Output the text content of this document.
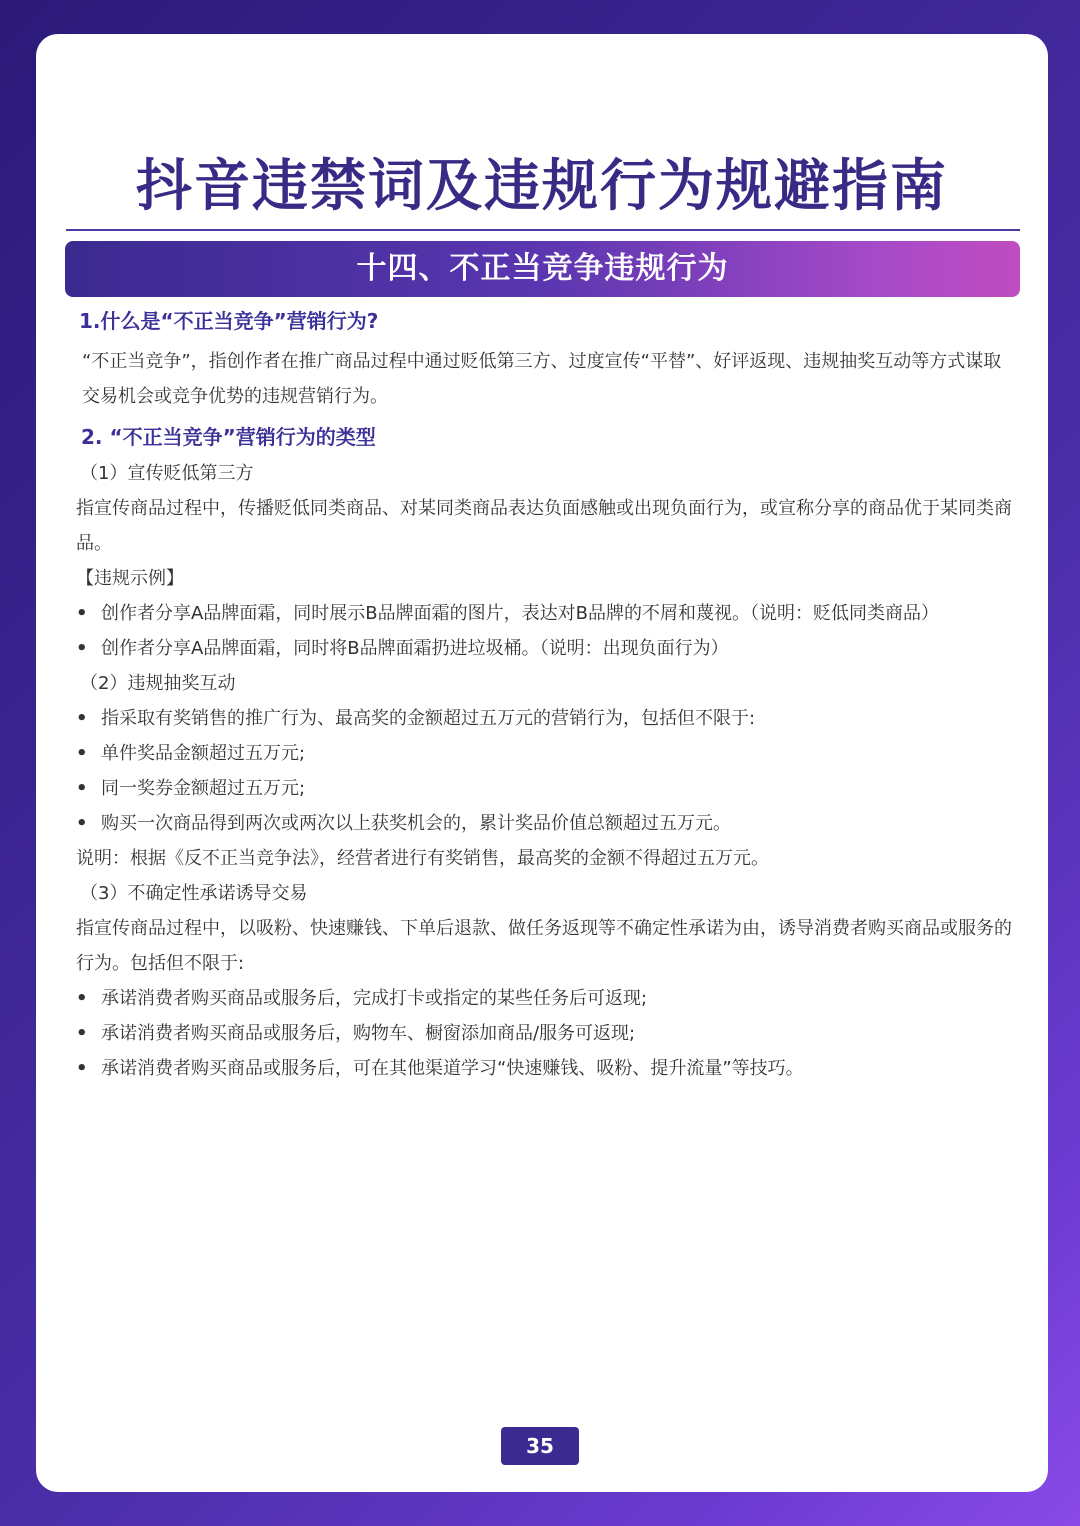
抖音违禁词及违规行为规避指南
十四、不正当竞争违规行为
1.什么是“不正当竞争”营销行为?

“不正当竞争”，指创作者在推广商品过程中通过贬低第三方、过度宣传“平替”、好评返现、违规抽奖互动等方式谋取交易机会或竞争优势的违规营销行为。

2. “不正当竞争”营销行为的类型

（1）宣传贬低第三方

指宣传商品过程中，传播贬低同类商品、对某同类商品表达负面感触或出现负面行为，或宣称分享的商品优于某同类商品。

【违规示例】

• 创作者分享A品牌面霜，同时展示B品牌面霜的图片，表达对B品牌的不屑和蔑视。（说明：贬低同类商品）
• 创作者分享A品牌面霜，同时将B品牌面霜扔进垃圾桶。（说明：出现负面行为）

（2）违规抽奖互动

• 指采取有奖销售的推广行为、最高奖的金额超过五万元的营销行为，包括但不限于:
• 单件奖品金额超过五万元;
• 同一奖券金额超过五万元;
• 购买一次商品得到两次或两次以上获奖机会的，累计奖品价值总额超过五万元。

说明：根据《反不正当竞争法》，经营者进行有奖销售，最高奖的金额不得超过五万元。

（3）不确定性承诺诱导交易

指宣传商品过程中，以吸粉、快速赚钱、下单后退款、做任务返现等不确定性承诺为由，诱导消费者购买商品或服务的行为。包括但不限于:

• 承诺消费者购买商品或服务后，完成打卡或指定的某些任务后可返现;
• 承诺消费者购买商品或服务后，购物车、橱窗添加商品/服务可返现;
• 承诺消费者购买商品或服务后，可在其他渠道学习“快速赚钱、吸粉、提升流量”等技巧。
35
